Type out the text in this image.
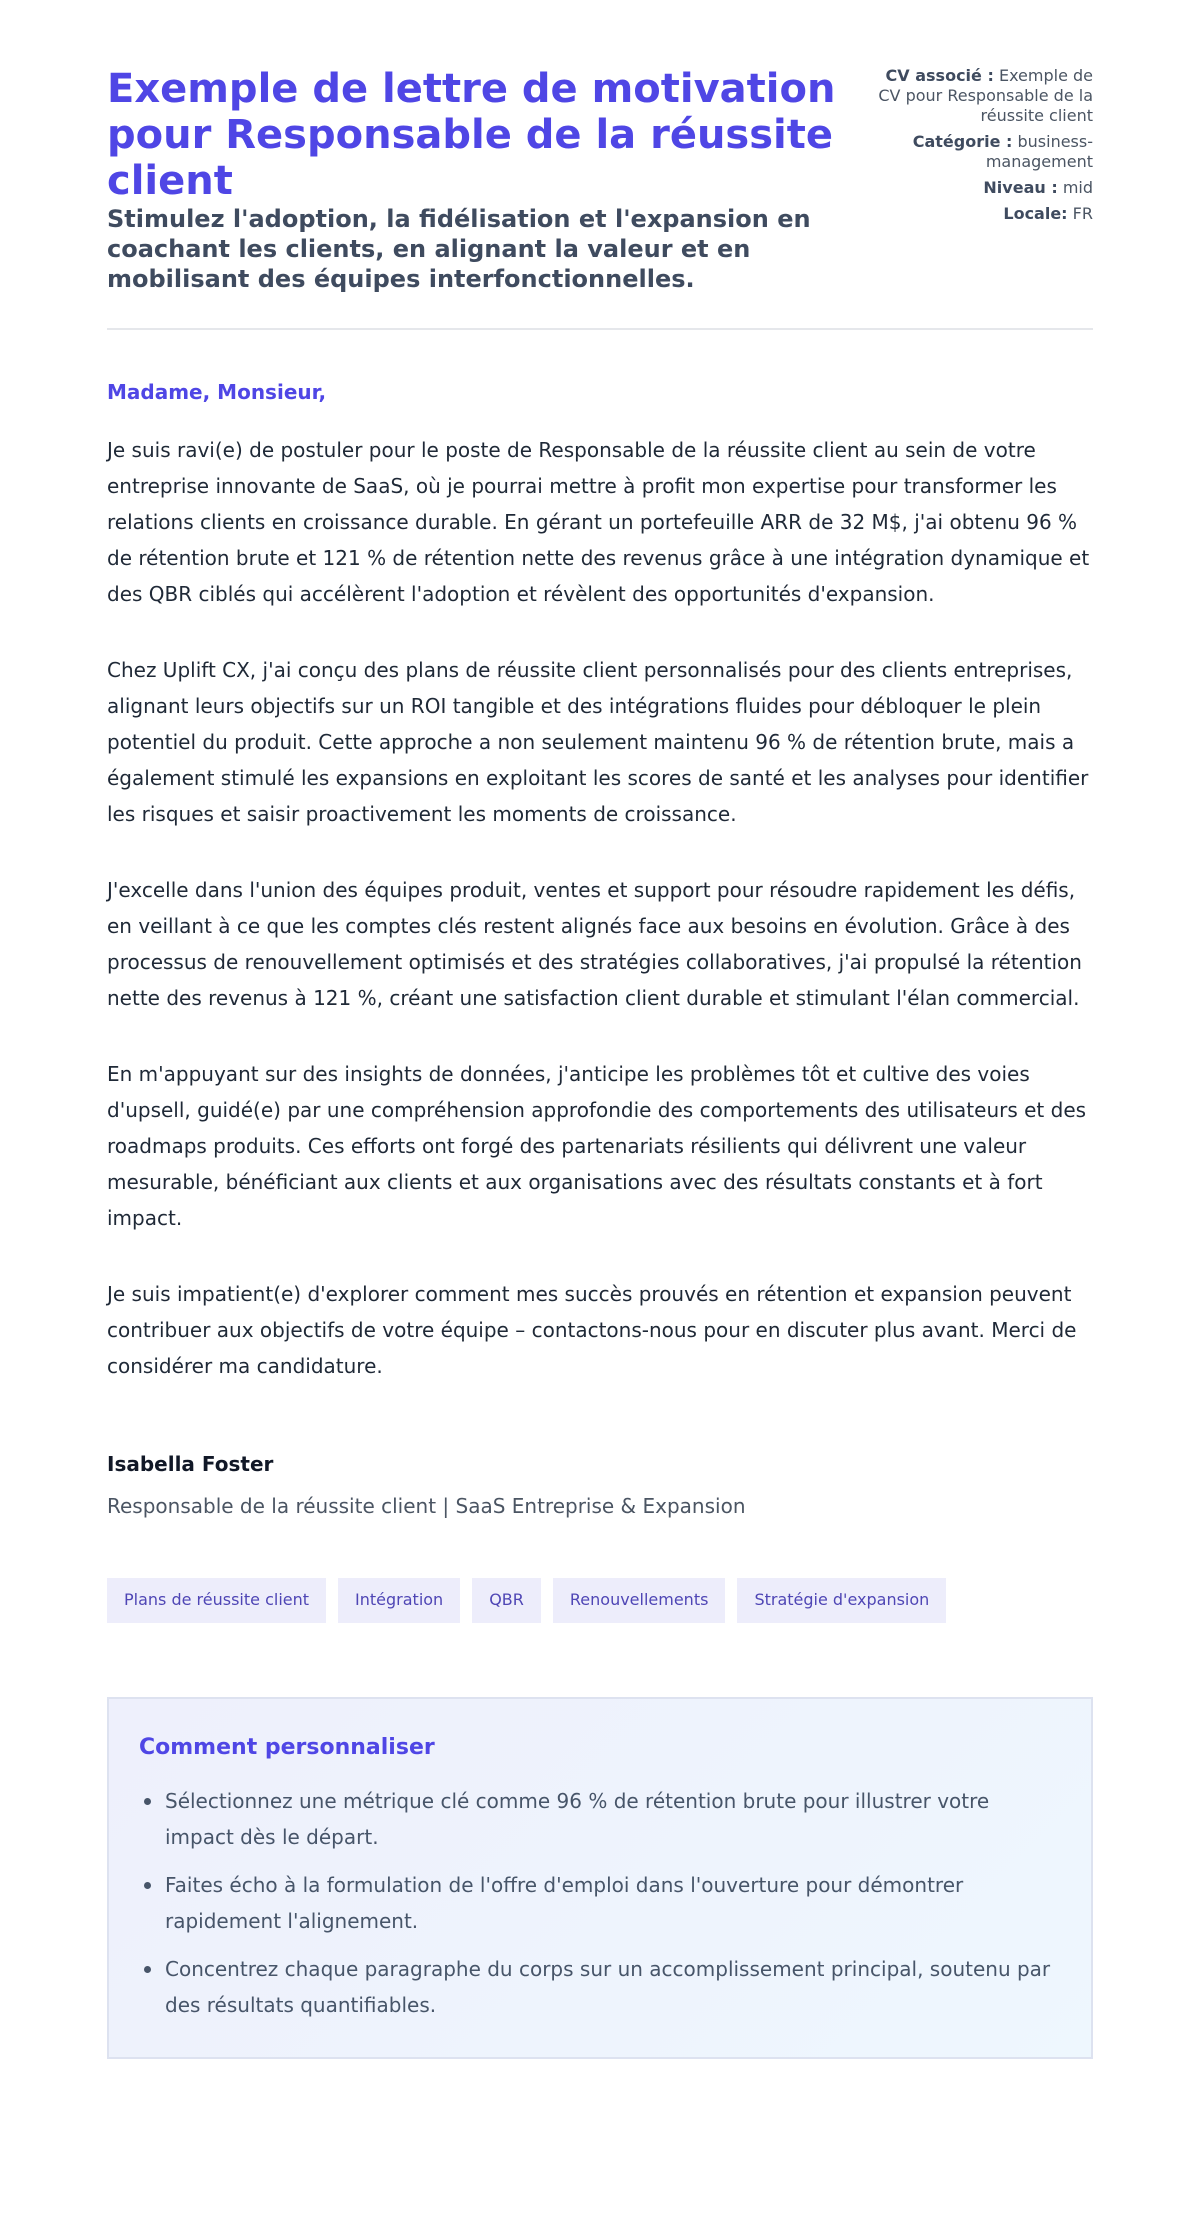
Exemple de lettre de motivation pour Responsable de la réussite client
Stimulez l'adoption, la fidélisation et l'expansion en coachant les clients, en alignant la valeur et en mobilisant des équipes interfonctionnelles.
CV associé : Exemple de CV pour Responsable de la réussite client
Catégorie : business-management
Niveau : mid
Locale: FR

Madame, Monsieur,

Je suis ravi(e) de postuler pour le poste de Responsable de la réussite client au sein de votre entreprise innovante de SaaS, où je pourrai mettre à profit mon expertise pour transformer les relations clients en croissance durable. En gérant un portefeuille ARR de 32 M$, j'ai obtenu 96 % de rétention brute et 121 % de rétention nette des revenus grâce à une intégration dynamique et des QBR ciblés qui accélèrent l'adoption et révèlent des opportunités d'expansion.

Chez Uplift CX, j'ai conçu des plans de réussite client personnalisés pour des clients entreprises, alignant leurs objectifs sur un ROI tangible et des intégrations fluides pour débloquer le plein potentiel du produit. Cette approche a non seulement maintenu 96 % de rétention brute, mais a également stimulé les expansions en exploitant les scores de santé et les analyses pour identifier les risques et saisir proactivement les moments de croissance.

J'excelle dans l'union des équipes produit, ventes et support pour résoudre rapidement les défis, en veillant à ce que les comptes clés restent alignés face aux besoins en évolution. Grâce à des processus de renouvellement optimisés et des stratégies collaboratives, j'ai propulsé la rétention nette des revenus à 121 %, créant une satisfaction client durable et stimulant l'élan commercial.

En m'appuyant sur des insights de données, j'anticipe les problèmes tôt et cultive des voies d'upsell, guidé(e) par une compréhension approfondie des comportements des utilisateurs et des roadmaps produits. Ces efforts ont forgé des partenariats résilients qui délivrent une valeur mesurable, bénéficiant aux clients et aux organisations avec des résultats constants et à fort impact.

Je suis impatient(e) d'explorer comment mes succès prouvés en rétention et expansion peuvent contribuer aux objectifs de votre équipe – contactons-nous pour en discuter plus avant. Merci de considérer ma candidature.

Isabella Foster
Responsable de la réussite client | SaaS Entreprise & Expansion
Plans de réussite client	Intégration	QBR	Renouvellements	Stratégie d'expansion
Comment personnaliser
Sélectionnez une métrique clé comme 96 % de rétention brute pour illustrer votre impact dès le départ.
Faites écho à la formulation de l'offre d'emploi dans l'ouverture pour démontrer rapidement l'alignement.
Concentrez chaque paragraphe du corps sur un accomplissement principal, soutenu par des résultats quantifiables.
